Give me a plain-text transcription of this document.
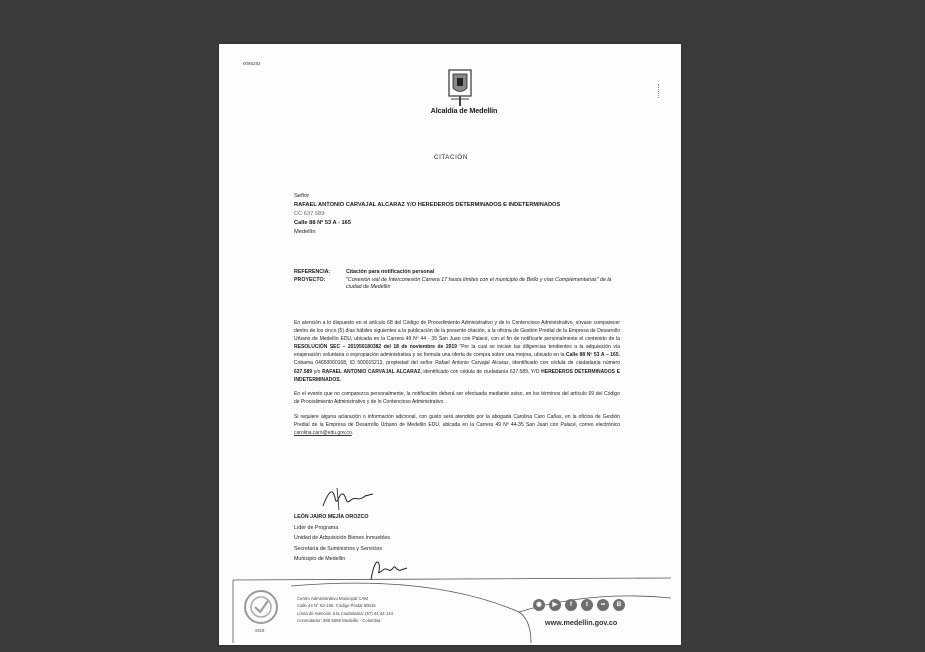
0086292
Alcaldía de Medellín
CITACIÓN
Señor
RAFAEL ANTONIO CARVAJAL ALCARAZ Y/O HEREDEROS DETERMINADOS E INDETERMINADOS
CC 637.589
Calle 88 Nº 53 A - 165
Medellín
REFERENCIA:	Citación para notificación personal
PROYECTO:	"Conexión vial de Interconexión Carrera 17 hasta límites con el municipio de Bello y vías Complementarias" de la ciudad de Medellín

En atención a lo dispuesto en el artículo 68 del Código de Procedimiento Administrativo y de lo Contencioso Administrativo, sírvase comparecer dentro de los cinco (5) días hábiles siguientes a la publicación de la presente citación, a la oficina de Gestión Predial de la Empresa de Desarrollo Urbano de Medellín EDU, ubicada en la Carrera 49 Nº 44 - 35 San Juan con Palacé, con el fin de notificarle personalmente el contenido de la RESOLUCIÓN SEC – 201950180382 del 18 de noviembre de 2019 "Por la cual se inician las diligencias tendientes a la adquisición vía enajenación voluntaria o expropiación administrativa y se formula una oferta de compra sobre una mejora, ubicado en la Calle 88 Nº 53 A – 165, Cobama 04650060168, ID 500015213, propiedad del señor Rafael Antonio Carvajal Alcaraz, identificado con cédula de ciudadanía número 637.589 y/o RAFAEL ANTONIO CARVAJAL ALCARAZ, identificado con cédula de ciudadanía 637.589, Y/O HEREDEROS DETERMINADOS E INDETERMINADOS.

En el evento que no comparezca personalmente, la notificación deberá ser efectuada mediante aviso, en los términos del artículo 69 del Código de Procedimiento Administrativo y de lo Contencioso Administrativo.

Si requiere alguna aclaración o información adicional, con gusto será atendido por la abogada Carolina Caro Cañas, en la oficina de Gestión Predial de la Empresa de Desarrollo Urbano de Medellín EDU, ubicada en la Carrera 49 Nº 44-35 San Juan con Palacé, correo electrónico carolina.caro@edu.gov.co.

LEÓN JAIRO MEJÍA OROZCO
Líder de Programa
Unidad de Adquisición Bienes Inmuebles
Secretaría de Suministros y Servicios
Municipio de Medellín
SGS
Centro Administrativo Municipal CAM
Calle 44 N° 52-165. Código Postal 50015
Línea de Atención a la Ciudadanía: (57) 44 44 144
Conmutador: 385 5555 Medellín - Colombia
◉	▶	f	t	••	B
www.medellin.gov.co
